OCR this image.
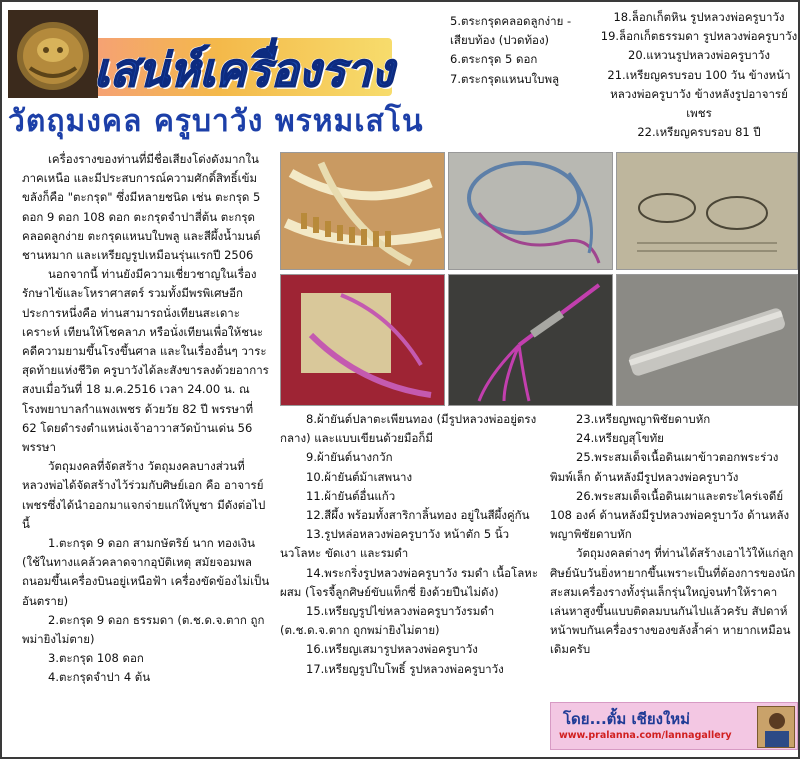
เสน่ห์เครื่องราง
วัตถุมงคล ครูบาวัง พรหมเสโน

5.ตระกรุดคลอดลูกง่าย - เสียบท้อง (ปวดท้อง)

6.ตระกรุด 5 ดอก

7.ตระกรุดแหนบใบพลู

18.ล็อกเก็ตหิน รูปหลวงพ่อครูบาวัง

19.ล็อกเก็ตธรรมดา รูปหลวงพ่อครูบาวัง

20.แหวนรูปหลวงพ่อครูบาวัง

21.เหรียญครบรอบ 100 วัน ข้างหน้าหลวงพ่อครูบาวัง ข้างหลังรูปอาจารย์เพชร

22.เหรียญครบรอบ 81 ปี

เครื่องรางของท่านที่มีชื่อเสียงโด่งดังมากในภาคเหนือ และมีประสบการณ์ความศักดิ์สิทธิ์เข้มขลังก็คือ "ตะกรุด" ซึ่งมีหลายชนิด เช่น ตะกรุด 5 ดอก 9 ดอก 108 ดอก ตะกรุดจำปาสี่ต้น ตะกรุดคลอดลูกง่าย ตะกรุดแหนบใบพลู และสีผึ้งน้ำมนต์ ชานหมาก และเหรียญรูปเหมือนรุ่นแรกปี 2506

นอกจากนี้ ท่านยังมีความเชี่ยวชาญในเรื่องรักษาไข้และโหราศาสตร์ รวมทั้งมีพรพิเศษอีกประการหนึ่งคือ ท่านสามารถนั่งเทียนสะเดาะเคราะห์ เทียนให้โชคลาภ หรือนั่งเทียนเพื่อให้ชนะคดีความยามขึ้นโรงขึ้นศาล และในเรื่องอื่นๆ วาระสุดท้ายแห่งชีวิต ครูบาวังได้ละสังขารลงด้วยอาการสงบเมื่อวันที่ 18 ม.ค.2516 เวลา 24.00 น. ณ โรงพยาบาลกำแพงเพชร ด้วยวัย 82 ปี พรรษาที่ 62 โดยดำรงตำแหน่งเจ้าอาวาสวัดบ้านเด่น 56 พรรษา

วัตถุมงคลที่จัดสร้าง วัตถุมงคลบางส่วนที่หลวงพ่อได้จัดสร้างไว้ร่วมกับศิษย์เอก คือ อาจารย์เพชรซึ่งได้นำออกมาแจกจ่ายแก่ให้บูชา มีดังต่อไปนี้

1.ตะกรุด 9 ดอก สามกษัตริย์ นาก ทองเงิน (ใช้ในทางแคล้วคลาดจากอุบัติเหตุ สมัยจอมพลถนอมขึ้นเครื่องบินอยู่เหนือฟ้า เครื่องขัดข้องไม่เป็นอันตราย)

2.ตะกรุด 9 ดอก ธรรมดา (ต.ช.ด.จ.ตาก ถูกพม่ายิงไม่ตาย)

3.ตะกรุด 108 ดอก

4.ตะกรุดจำปา 4 ต้น

8.ผ้ายันต์ปลาตะเพียนทอง (มีรูปหลวงพ่ออยู่ตรงกลาง) และแบบเขียนด้วยมือก็มี

9.ผ้ายันต์นางกวัก

10.ผ้ายันต์ม้าเสพนาง

11.ผ้ายันต์อื่นแก้ว

12.สีผึ้ง พร้อมทั้งสาริกาลิ้นทอง อยู่ในสีผึ้งคู่กัน

13.รูปหล่อหลวงพ่อครูบาวัง หน้าตัก 5 นิ้ว นวโลหะ ขัดเงา และรมดำ

14.พระกริ่งรูปหลวงพ่อครูบาวัง รมดำ เนื้อโลหะผสม (โจรจี้ลูกศิษย์ขับแท็กซี่ ยิงด้วยปืนไม่ดัง)

15.เหรียญรูปไข่หลวงพ่อครูบาวังรมดำ (ต.ช.ด.จ.ตาก ถูกพม่ายิงไม่ตาย)

16.เหรียญเสมารูปหลวงพ่อครูบาวัง

17.เหรียญรูปใบโพธิ์ รูปหลวงพ่อครูบาวัง

23.เหรียญพญาพิชัยดาบหัก

24.เหรียญสุโขทัย

25.พระสมเด็จเนื้อดินเผาข้าวตอกพระร่วงพิมพ์เล็ก ด้านหลังมีรูปหลวงพ่อครูบาวัง

26.พระสมเด็จเนื้อดินเผาและตระไคร่เจดีย์ 108 องค์ ด้านหลังมีรูปหลวงพ่อครูบาวัง ด้านหลังพญาพิชัยดาบหัก

วัตถุมงคลต่างๆ ที่ท่านได้สร้างเอาไว้ให้แก่ลูกศิษย์นับวันยิ่งหายากขึ้นเพราะเป็นที่ต้องการของนักสะสมเครื่องรางทั้งรุ่นเล็กรุ่นใหญ่จนทำให้ราคาเล่นหาสูงขึ้นแบบติดลมบนกันไปแล้วครับ สัปดาห์หน้าพบกันเครื่องรางของขลังล้ำค่า หายากเหมือนเดิมครับ

โดย...ตั้ม เชียงใหม่
www.pralanna.com/lannagallery
